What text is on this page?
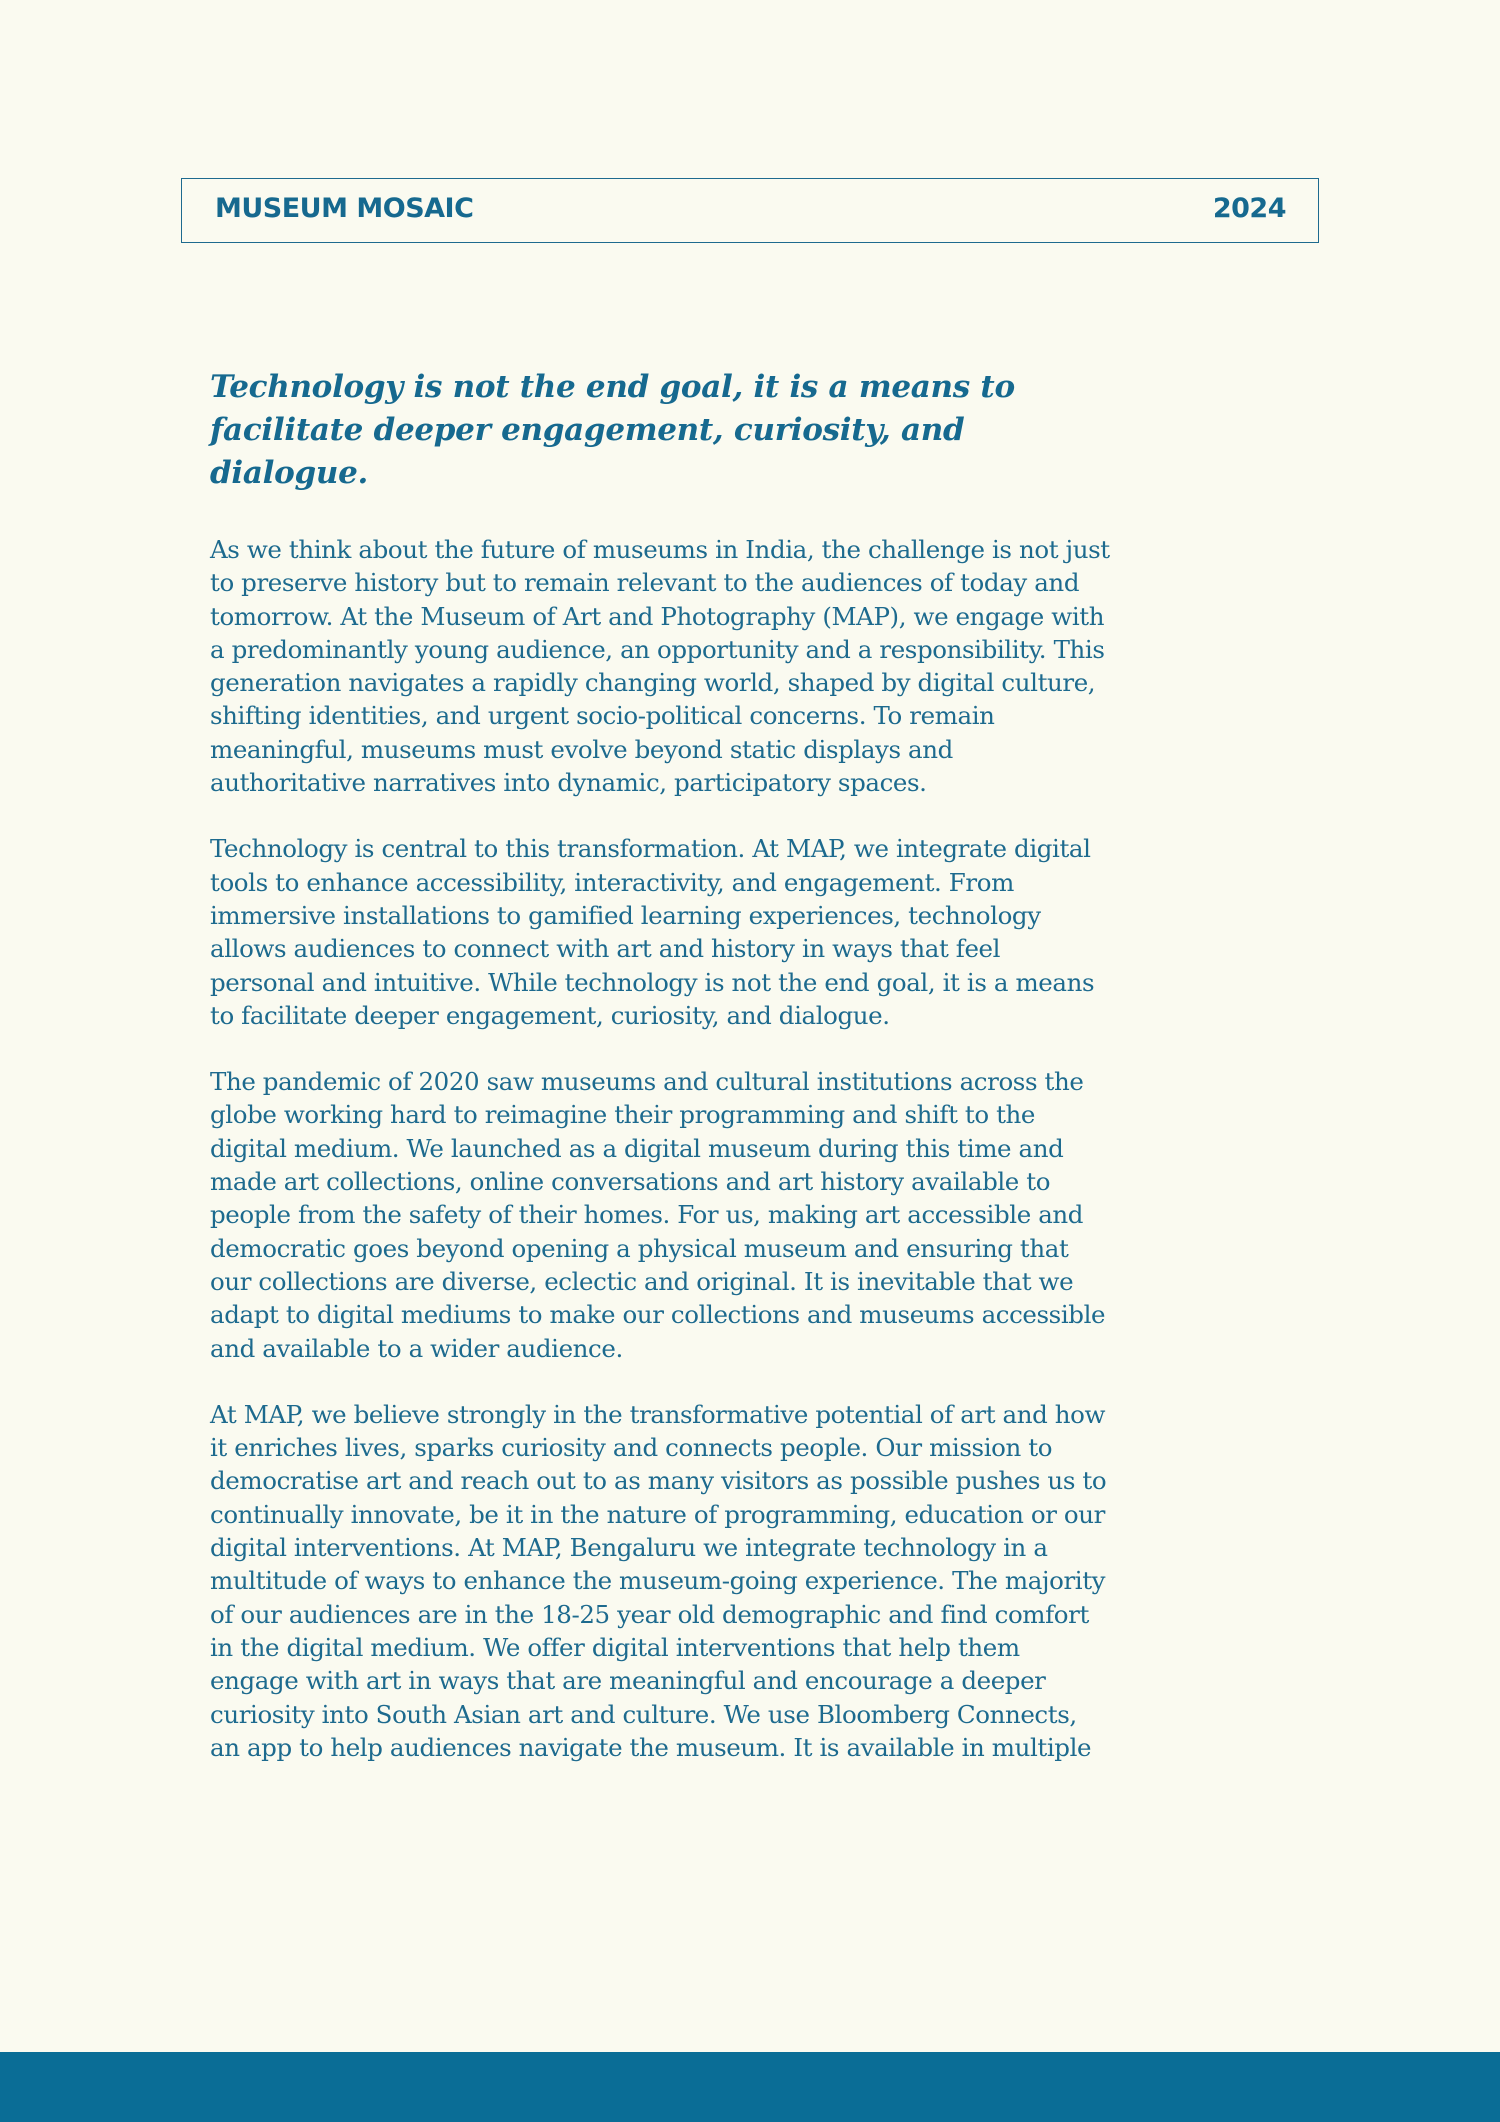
MUSEUM MOSAIC	2024
Technology is not the end goal, it is a means to facilitate deeper engagement, curiosity, and dialogue.

As we think about the future of museums in India, the challenge is not just to preserve history but to remain relevant to the audiences of today and tomorrow. At the Museum of Art and Photography (MAP), we engage with a predominantly young audience, an opportunity and a responsibility. This generation navigates a rapidly changing world, shaped by digital culture, shifting identities, and urgent socio-political concerns. To remain meaningful, museums must evolve beyond static displays and authoritative narratives into dynamic, participatory spaces.

Technology is central to this transformation. At MAP, we integrate digital tools to enhance accessibility, interactivity, and engagement. From immersive installations to gamified learning experiences, technology allows audiences to connect with art and history in ways that feel personal and intuitive. While technology is not the end goal, it is a means to facilitate deeper engagement, curiosity, and dialogue.

The pandemic of 2020 saw museums and cultural institutions across the globe working hard to reimagine their programming and shift to the digital medium. We launched as a digital museum during this time and made art collections, online conversations and art history available to people from the safety of their homes. For us, making art accessible and democratic goes beyond opening a physical museum and ensuring that our collections are diverse, eclectic and original. It is inevitable that we adapt to digital mediums to make our collections and museums accessible and available to a wider audience.

At MAP, we believe strongly in the transformative potential of art and how it enriches lives, sparks curiosity and connects people. Our mission to democratise art and reach out to as many visitors as possible pushes us to continually innovate, be it in the nature of programming, education or our digital interventions. At MAP, Bengaluru we integrate technology in a multitude of ways to enhance the museum-going experience. The majority of our audiences are in the 18-25 year old demographic and find comfort in the digital medium. We offer digital interventions that help them engage with art in ways that are meaningful and encourage a deeper curiosity into South Asian art and culture. We use Bloomberg Connects, an app to help audiences navigate the museum. It is available in multiple
